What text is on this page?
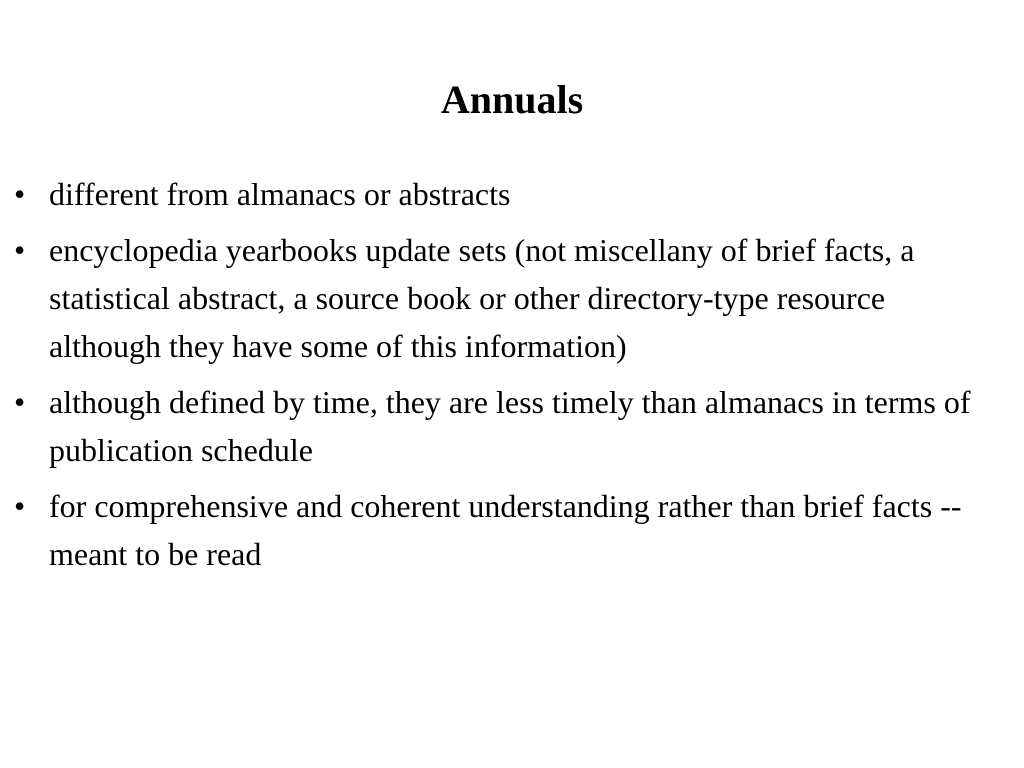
Annuals
• different from almanacs or abstracts
• encyclopedia yearbooks update sets (not miscellany of brief facts, a statistical abstract, a source book or other directory-type resource although they have some of this information)
• although defined by time, they are less timely than almanacs in terms of publication schedule
• for comprehensive and coherent understanding rather than brief facts -- meant to be read
